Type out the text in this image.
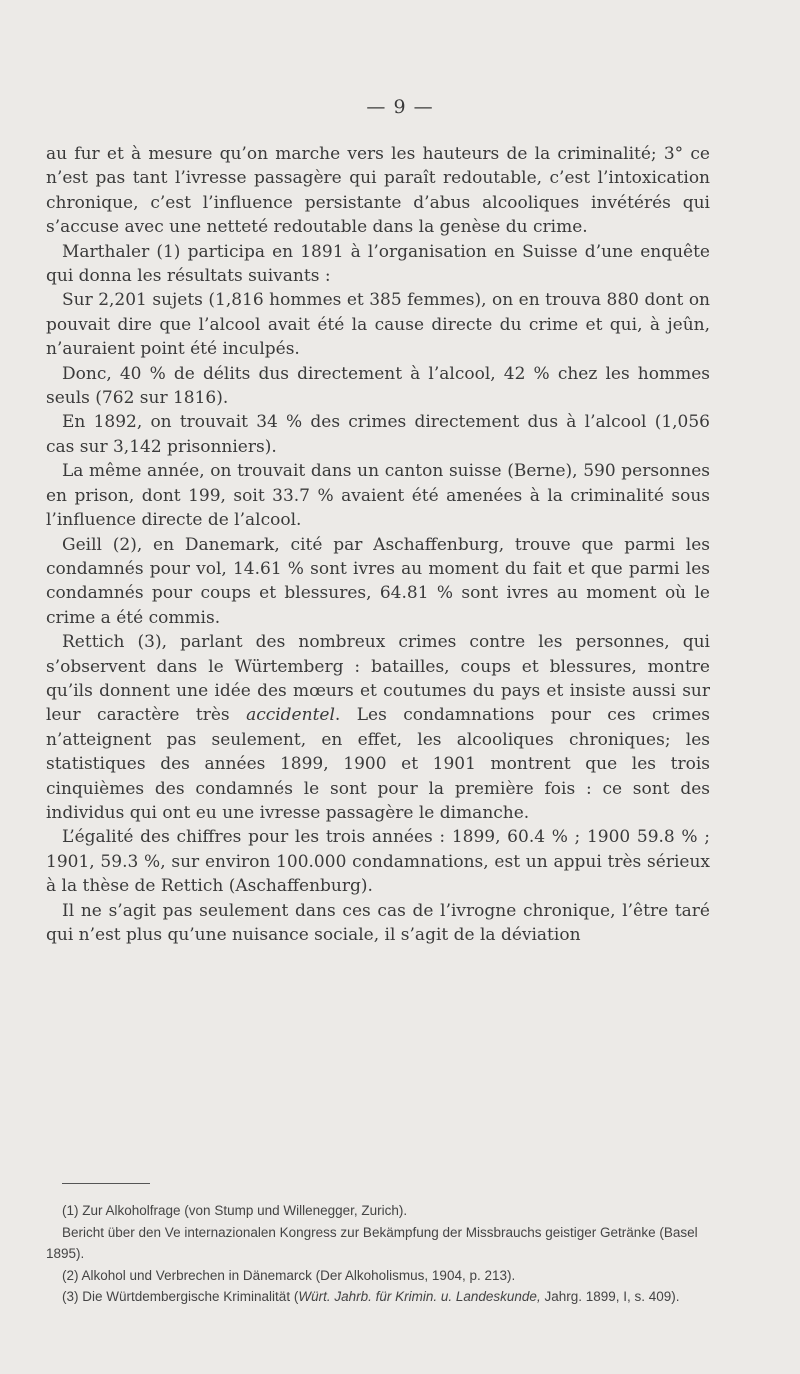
— 9 —

au fur et à mesure qu’on marche vers les hauteurs de la criminalité; 3° ce n’est pas tant l’ivresse passagère qui paraît redoutable, c’est l’intoxication chronique, c’est l’influence persistante d’abus alcooliques invétérés qui s’accuse avec une netteté redoutable dans la genèse du crime.

Marthaler (1) participa en 1891 à l’organisation en Suisse d’une enquête qui donna les résultats suivants :

Sur 2,201 sujets (1,816 hommes et 385 femmes), on en trouva 880 dont on pouvait dire que l’alcool avait été la cause directe du crime et qui, à jeûn, n’auraient point été inculpés.

Donc, 40 % de délits dus directement à l’alcool, 42 % chez les hommes seuls (762 sur 1816).

En 1892, on trouvait 34 % des crimes directement dus à l’alcool (1,056 cas sur 3,142 prisonniers).

La même année, on trouvait dans un canton suisse (Berne), 590 personnes en prison, dont 199, soit 33.7 % avaient été amenées à la criminalité sous l’influence directe de l’alcool.

Geill (2), en Danemark, cité par Aschaffenburg, trouve que parmi les condamnés pour vol, 14.61 % sont ivres au moment du fait et que parmi les condamnés pour coups et blessures, 64.81 % sont ivres au moment où le crime a été commis.

Rettich (3), parlant des nombreux crimes contre les personnes, qui s’observent dans le Würtemberg : batailles, coups et blessures, montre qu’ils donnent une idée des mœurs et coutumes du pays et insiste aussi sur leur caractère très accidentel. Les condamnations pour ces crimes n’atteignent pas seulement, en effet, les alcooliques chroniques; les statistiques des années 1899, 1900 et 1901 montrent que les trois cinquièmes des condamnés le sont pour la première fois : ce sont des individus qui ont eu une ivresse passagère le dimanche.

L’égalité des chiffres pour les trois années : 1899, 60.4 % ; 1900 59.8 % ; 1901, 59.3 %, sur environ 100.000 condamnations, est un appui très sérieux à la thèse de Rettich (Aschaffenburg).

Il ne s’agit pas seulement dans ces cas de l’ivrogne chronique, l’être taré qui n’est plus qu’une nuisance sociale, il s’agit de la déviation

(1) Zur Alkoholfrage (von Stump und Willenegger, Zurich).

Bericht über den Ve internazionalen Kongress zur Bekämpfung der Missbrauchs geistiger Getränke (Basel 1895).

(2) Alkohol und Verbrechen in Dänemarck (Der Alkoholismus, 1904, p. 213).

(3) Die Würtdembergische Kriminalität (Würt. Jahrb. für Krimin. u. Landeskunde, Jahrg. 1899, I, s. 409).
